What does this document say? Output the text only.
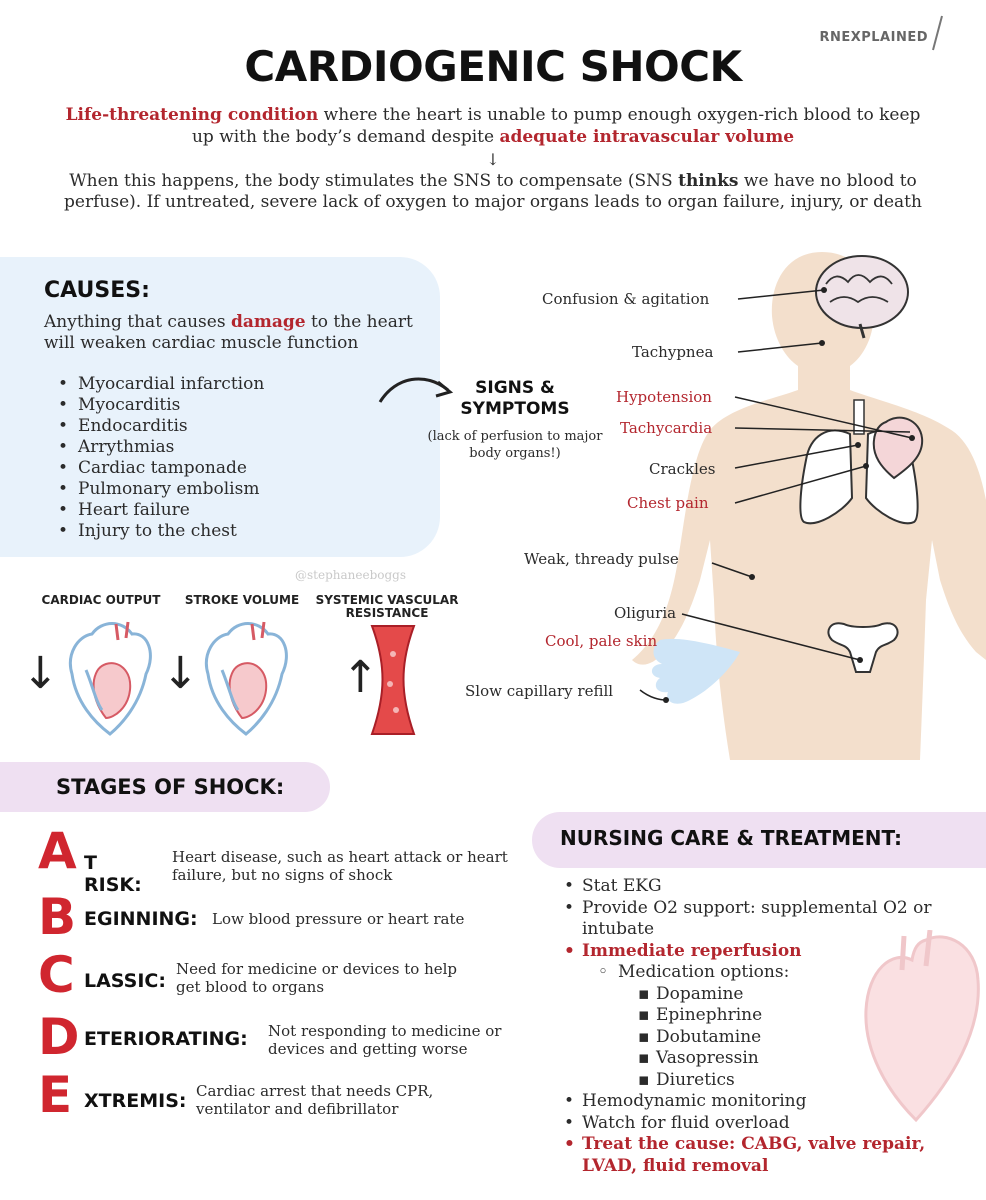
RNEXPLAINED
CARDIOGENIC SHOCK
Life-threatening condition where the heart is unable to pump enough oxygen-rich blood to keep up with the body’s demand despite adequate intravascular volume
↓
When this happens, the body stimulates the SNS to compensate (SNS thinks we have no blood to perfuse). If untreated, severe lack of oxygen to major organs leads to organ failure, injury, or death
Confusion & agitation
Tachypnea
Hypotension
Tachycardia
Crackles
Chest pain
Weak, thready pulse
Oliguria
Cool, pale skin
Slow capillary refill
CAUSES:
Anything that causes damage to the heart will weaken cardiac muscle function
• Myocardial infarction
• Myocarditis
• Endocarditis
• Arrythmias
• Cardiac tamponade
• Pulmonary embolism
• Heart failure
• Injury to the chest
SIGNS & SYMPTOMS
(lack of perfusion to major body organs!)
@stephaneeboggs
CARDIAC OUTPUT STROKE VOLUME	SYSTEMIC VASCULAR RESISTANCE
↓ ↓	↑
STAGES OF SHOCK:
A T RISK:
Heart disease, such as heart attack or heart failure, but no signs of shock
B EGINNING: Low blood pressure or heart rate
C LASSIC:
Need for medicine or devices to help get blood to organs
D ETERIORATING: Not responding to medicine or devices and getting worse
E XTREMIS: Cardiac arrest that needs CPR, ventilator and defibrillator
NURSING CARE & TREATMENT:
• Stat EKG
• Provide O2 support: supplemental O2 or intubate
• Immediate reperfusion
◦ Medication options:
▪ Dopamine
▪ Epinephrine
▪ Dobutamine
▪ Vasopressin
▪ Diuretics
• Hemodynamic monitoring
• Watch for fluid overload
• Treat the cause: CABG, valve repair, LVAD, fluid removal
